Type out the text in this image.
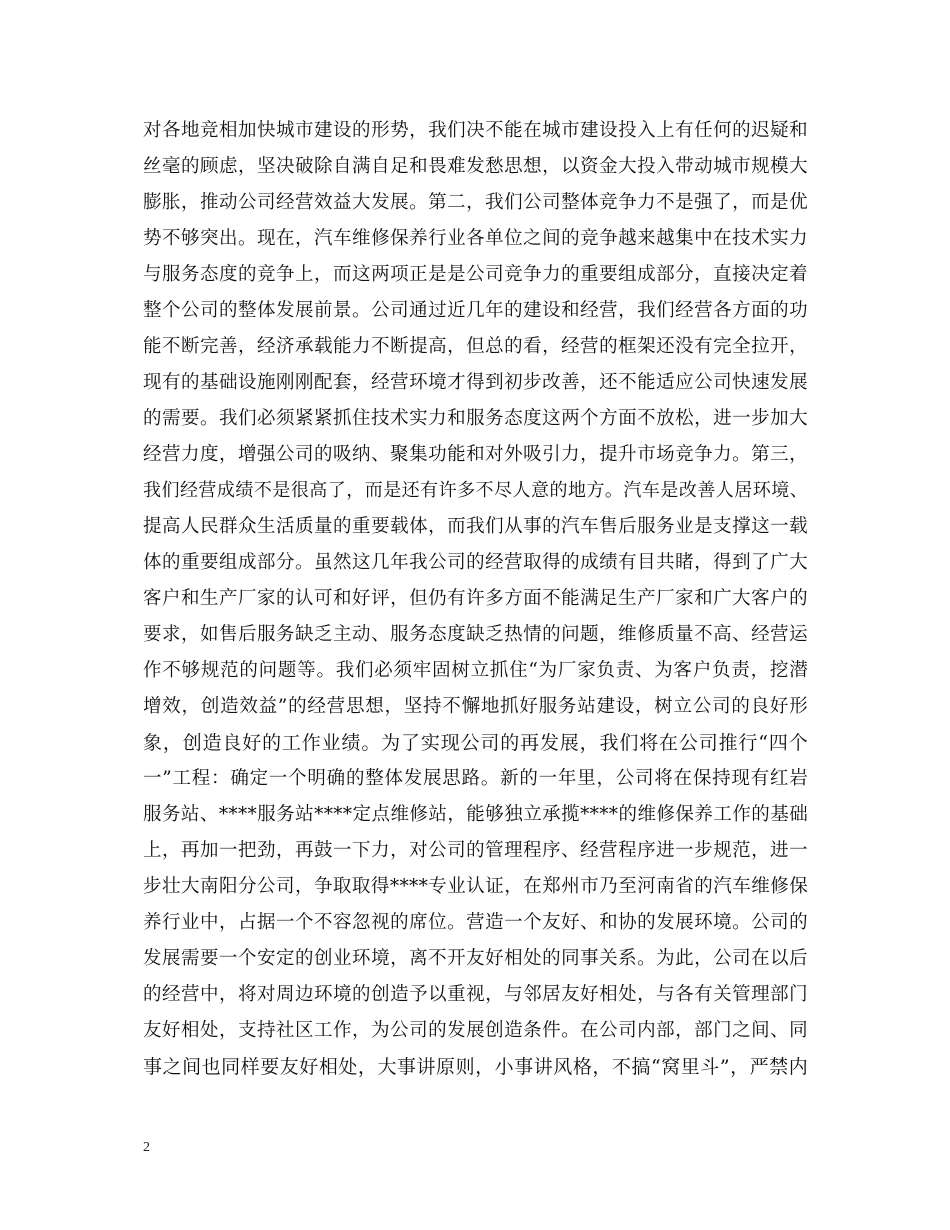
对各地竞相加快城市建设的形势，我们决不能在城市建设投入上有任何的迟疑和
丝毫的顾虑，坚决破除自满自足和畏难发愁思想，以资金大投入带动城市规模大
膨胀，推动公司经营效益大发展。第二，我们公司整体竞争力不是强了，而是优
势不够突出。现在，汽车维修保养行业各单位之间的竞争越来越集中在技术实力
与服务态度的竞争上，而这两项正是是公司竞争力的重要组成部分，直接决定着
整个公司的整体发展前景。公司通过近几年的建设和经营，我们经营各方面的功
能不断完善，经济承载能力不断提高，但总的看，经营的框架还没有完全拉开，
现有的基础设施刚刚配套，经营环境才得到初步改善，还不能适应公司快速发展
的需要。我们必须紧紧抓住技术实力和服务态度这两个方面不放松，进一步加大
经营力度，增强公司的吸纳、聚集功能和对外吸引力，提升市场竞争力。第三，
我们经营成绩不是很高了，而是还有许多不尽人意的地方。汽车是改善人居环境、
提高人民群众生活质量的重要载体，而我们从事的汽车售后服务业是支撑这一载
体的重要组成部分。虽然这几年我公司的经营取得的成绩有目共睹，得到了广大
客户和生产厂家的认可和好评，但仍有许多方面不能满足生产厂家和广大客户的
要求，如售后服务缺乏主动、服务态度缺乏热情的问题，维修质量不高、经营运
作不够规范的问题等。我们必须牢固树立抓住“为厂家负责、为客户负责，挖潜
增效，创造效益”的经营思想，坚持不懈地抓好服务站建设，树立公司的良好形
象，创造良好的工作业绩。为了实现公司的再发展，我们将在公司推行“四个
一”工程：确定一个明确的整体发展思路。新的一年里，公司将在保持现有红岩
服务站、****服务站****定点维修站，能够独立承揽****的维修保养工作的基础
上，再加一把劲，再鼓一下力，对公司的管理程序、经营程序进一步规范，进一
步壮大南阳分公司，争取取得****专业认证，在郑州市乃至河南省的汽车维修保
养行业中，占据一个不容忽视的席位。营造一个友好、和协的发展环境。公司的
发展需要一个安定的创业环境，离不开友好相处的同事关系。为此，公司在以后
的经营中，将对周边环境的创造予以重视，与邻居友好相处，与各有关管理部门
友好相处，支持社区工作，为公司的发展创造条件。在公司内部，部门之间、同
事之间也同样要友好相处，大事讲原则，小事讲风格，不搞“窝里斗”，严禁内
2
